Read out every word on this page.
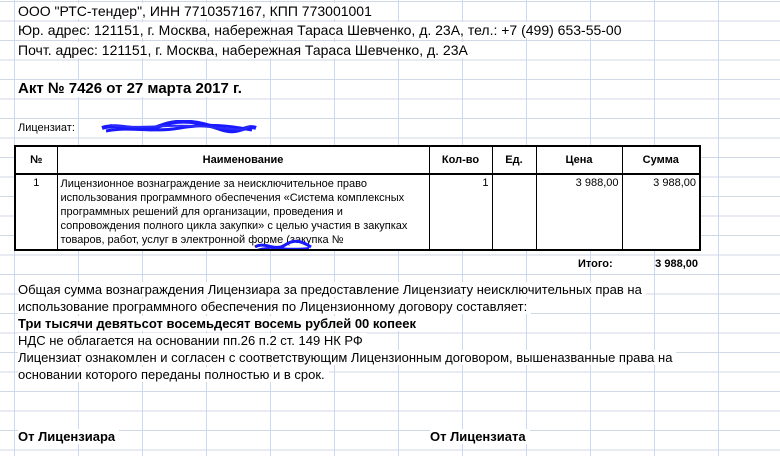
ООО "РТС-тендер", ИНН 7710357167, КПП 773001001
Юр. адрес: 121151, г. Москва, набережная Тараса Шевченко, д. 23А, тел.: +7 (499) 653-55-00
Почт. адрес: 121151, г. Москва, набережная Тараса Шевченко, д. 23А
Акт № 7426 от 27 марта 2017 г.
Лицензиат:
№	Наименование	Кол-во	Ед.	Цена	Сумма
1	Лицензионное вознаграждение за неисключительное право использования программного обеспечения «Система комплексных программных решений для организации, проведения и сопровождения полного цикла закупки» с целью участия в закупках товаров, работ, услуг в электронной форме (закупка №	1		3 988,00	3 988,00
Итого:	3 988,00
Общая сумма вознаграждения Лицензиара за предоставление Лицензиату неисключительных прав на
использование программного обеспечения по Лицензионному договору составляет:
Три тысячи девятьсот восемьдесят восемь рублей 00 копеек
НДС не облагается на основании пп.26 п.2 ст. 149 НК РФ
Лицензиат ознакомлен и согласен с соответствующим Лицензионным договором, вышеназванные права на
основании которого переданы полностью и в срок.
От Лицензиара	От Лицензиата
